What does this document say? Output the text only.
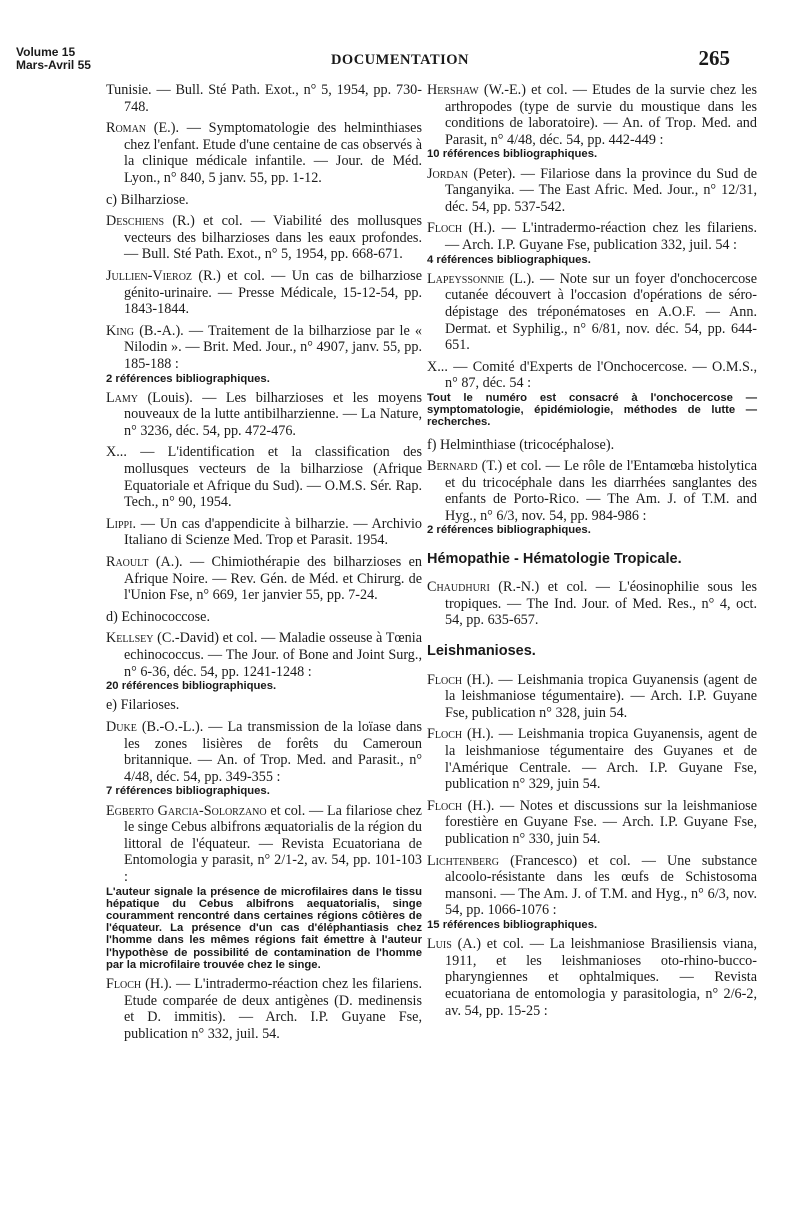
Volume 15
Mars-Avril 55	DOCUMENTATION	265

Tunisie. — Bull. Sté Path. Exot., n° 5, 1954, pp. 730-748.

Roman (E.). — Symptomatologie des helminthiases chez l'enfant. Etude d'une centaine de cas observés à la clinique médicale infantile. — Jour. de Méd. Lyon., n° 840, 5 janv. 55, pp. 1-12.

c) Bilharziose.

Deschiens (R.) et col. — Viabilité des mollusques vecteurs des bilharzioses dans les eaux profondes. — Bull. Sté Path. Exot., n° 5, 1954, pp. 668-671.

Jullien-Vieroz (R.) et col. — Un cas de bilharziose génito-urinaire. — Presse Médicale, 15-12-54, pp. 1843-1844.

King (B.-A.). — Traitement de la bilharziose par le « Nilodin ». — Brit. Med. Jour., n° 4907, janv. 55, pp. 185-188 :

2 références bibliographiques.

Lamy (Louis). — Les bilharzioses et les moyens nouveaux de la lutte antibilharzienne. — La Nature, n° 3236, déc. 54, pp. 472-476.

X... — L'identification et la classification des mollusques vecteurs de la bilharziose (Afrique Equatoriale et Afrique du Sud). — O.M.S. Sér. Rap. Tech., n° 90, 1954.

Lippi. — Un cas d'appendicite à bilharzie. — Archivio Italiano di Scienze Med. Trop et Parasit. 1954.

Raoult (A.). — Chimiothérapie des bilharzioses en Afrique Noire. — Rev. Gén. de Méd. et Chirurg. de l'Union Fse, n° 669, 1er janvier 55, pp. 7-24.

d) Echinococcose.

Kellsey (C.-David) et col. — Maladie osseuse à Tœnia echinococcus. — The Jour. of Bone and Joint Surg., n° 6-36, déc. 54, pp. 1241-1248 :

20 références bibliographiques.

e) Filarioses.

Duke (B.-O.-L.). — La transmission de la loïase dans les zones lisières de forêts du Cameroun britannique. — An. of Trop. Med. and Parasit., n° 4/48, déc. 54, pp. 349-355 :

7 références bibliographiques.

Egberto Garcia-Solorzano et col. — La filariose chez le singe Cebus albifrons æquatorialis de la région du littoral de l'équateur. — Revista Ecuatoriana de Entomologia y parasit, n° 2/1-2, av. 54, pp. 101-103 :

L'auteur signale la présence de microfilaires dans le tissu hépatique du Cebus albifrons aequatorialis, singe couramment rencontré dans certaines régions côtières de l'équateur. La présence d'un cas d'éléphantiasis chez l'homme dans les mêmes régions fait émettre à l'auteur l'hypothèse de possibilité de contamination de l'homme par la microfilaire trouvée chez le singe.

Floch (H.). — L'intradermo-réaction chez les filariens. Etude comparée de deux antigènes (D. medinensis et D. immitis). — Arch. I.P. Guyane Fse, publication n° 332, juil. 54.

Hershaw (W.-E.) et col. — Etudes de la survie chez les arthropodes (type de survie du moustique dans les conditions de laboratoire). — An. of Trop. Med. and Parasit, n° 4/48, déc. 54, pp. 442-449 :

10 références bibliographiques.

Jordan (Peter). — Filariose dans la province du Sud de Tanganyika. — The East Afric. Med. Jour., n° 12/31, déc. 54, pp. 537-542.

Floch (H.). — L'intradermo-réaction chez les filariens. — Arch. I.P. Guyane Fse, publication 332, juil. 54 :

4 références bibliographiques.

Lapeyssonnie (L.). — Note sur un foyer d'onchocercose cutanée découvert à l'occasion d'opérations de séro-dépistage des tréponématoses en A.O.F. — Ann. Dermat. et Syphilig., n° 6/81, nov. déc. 54, pp. 644-651.

X... — Comité d'Experts de l'Onchocercose. — O.M.S., n° 87, déc. 54 :

Tout le numéro est consacré à l'onchocercose — symptomatologie, épidémiologie, méthodes de lutte — recherches.

f) Helminthiase (tricocéphalose).

Bernard (T.) et col. — Le rôle de l'Entamœba histolytica et du tricocéphale dans les diarrhées sanglantes des enfants de Porto-Rico. — The Am. J. of T.M. and Hyg., n° 6/3, nov. 54, pp. 984-986 :

2 références bibliographiques.

Hémopathie - Hématologie Tropicale.

Chaudhuri (R.-N.) et col. — L'éosinophilie sous les tropiques. — The Ind. Jour. of Med. Res., n° 4, oct. 54, pp. 635-657.

Leishmanioses.

Floch (H.). — Leishmania tropica Guyanensis (agent de la leishmaniose tégumentaire). — Arch. I.P. Guyane Fse, publication n° 328, juin 54.

Floch (H.). — Leishmania tropica Guyanensis, agent de la leishmaniose tégumentaire des Guyanes et de l'Amérique Centrale. — Arch. I.P. Guyane Fse, publication n° 329, juin 54.

Floch (H.). — Notes et discussions sur la leishmaniose forestière en Guyane Fse. — Arch. I.P. Guyane Fse, publication n° 330, juin 54.

Lichtenberg (Francesco) et col. — Une substance alcoolo-résistante dans les œufs de Schistosoma mansoni. — The Am. J. of T.M. and Hyg., n° 6/3, nov. 54, pp. 1066-1076 :

15 références bibliographiques.

Luis (A.) et col. — La leishmaniose Brasiliensis viana, 1911, et les leishmanioses oto-rhino-bucco-pharyngiennes et ophtalmiques. — Revista ecuatoriana de entomologia y parasitologia, n° 2/6-2, av. 54, pp. 15-25 :
